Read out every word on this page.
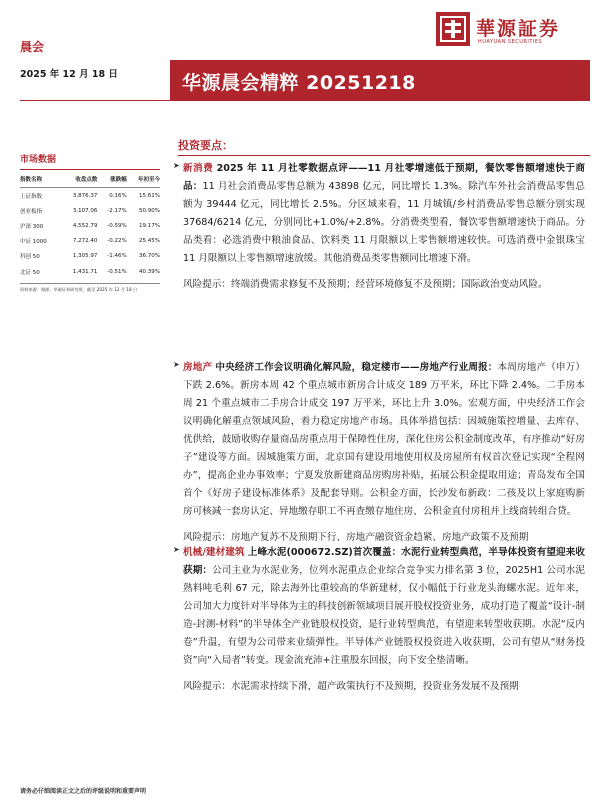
晨会
華源証券
HUAYUAN SECURITIES
2025 年 12 月 18 日	华源晨会精粹 20251218
市场数据
指数名称	收盘点数	涨跌幅	年初至今
上证指数	3,876.37	0.16%	15.61%
创业板指	3,107.06	-2.17%	50.90%
沪深 300	4,552.79	-0.59%	19.17%
中证 1000	7,272.40	-0.22%	25.45%
科创 50	1,305.97	-1.46%	36.70%
北证 50	1,431.71	-0.51%	40.39%
资料来源：聚源，华源证券研究所，截至 2025 年 12 月 18 日
投资要点：
➤ 新消费 2025 年 11 月社零数据点评——11 月社零增速低于预期，餐饮零售额增速快于商品：11 月社会消费品零售总额为 43898 亿元，同比增长 1.3%。除汽车外社会消费品零售总额为 39444 亿元，同比增长 2.5%。分区域来看，11 月城镇/乡村消费品零售总额分别实现 37684/6214 亿元，分别同比+1.0%/+2.8%。分消费类型看，餐饮零售额增速快于商品。分品类看：必选消费中粮油食品、饮料类 11 月限额以上零售额增速较快。可选消费中金银珠宝 11 月限额以上零售额增速放缓。其他消费品类零售额同比增速下滑。

风险提示：终端消费需求修复不及预期；经营环境修复不及预期；国际政治变动风险。

➤ 房地产 中央经济工作会议明确化解风险，稳定楼市——房地产行业周报：本周房地产（申万）下跌 2.6%。新房本周 42 个重点城市新房合计成交 189 万平米，环比下降 2.4%。二手房本周 21 个重点城市二手房合计成交 197 万平米，环比上升 3.0%。宏观方面，中央经济工作会议明确化解重点领域风险，着力稳定房地产市场。具体举措包括：因城施策控增量、去库存、优供给，鼓励收购存量商品房重点用于保障性住房，深化住房公积金制度改革，有序推动“好房子”建设等方面。因城施策方面，北京国有建设用地使用权及房屋所有权首次登记实现“全程网办”，提高企业办事效率；宁夏发放新建商品房购房补贴，拓展公积金提取用途；青岛发布全国首个《好房子建设标准体系》及配套导则。公积金方面，长沙发布新政：二孩及以上家庭购新房可核减一套房认定、异地缴存职工不再查缴存地住房、公积金直付房租并上线商转组合贷。

风险提示：房地产复苏不及预期下行、房地产融资资金趋紧、房地产政策不及预期

➤ 机械/建材建筑 上峰水泥(000672.SZ)首次覆盖：水泥行业转型典范，半导体投资有望迎来收获期：公司主业为水泥业务，位列水泥重点企业综合竞争实力排名第 3 位，2025H1 公司水泥熟料吨毛利 67 元，除去海外比重较高的华新建材，仅小幅低于行业龙头海螺水泥。近年来，公司加大力度针对半导体为主的科技创新领域项目展开股权投资业务，成功打造了覆盖“设计-制造-封测-材料”的半导体全产业链股权投资，是行业转型典范，有望迎来转型收获期。水泥“反内卷”升温，有望为公司带来业绩弹性。半导体产业链股权投资进入收获期，公司有望从“财务投资”向“入局者”转变。现金流充沛+注重股东回报，向下安全垫清晰。

风险提示：水泥需求持续下滑，超产政策执行不及预期，投资业务发展不及预期

请务必仔细阅读正文之后的评级说明和重要声明
